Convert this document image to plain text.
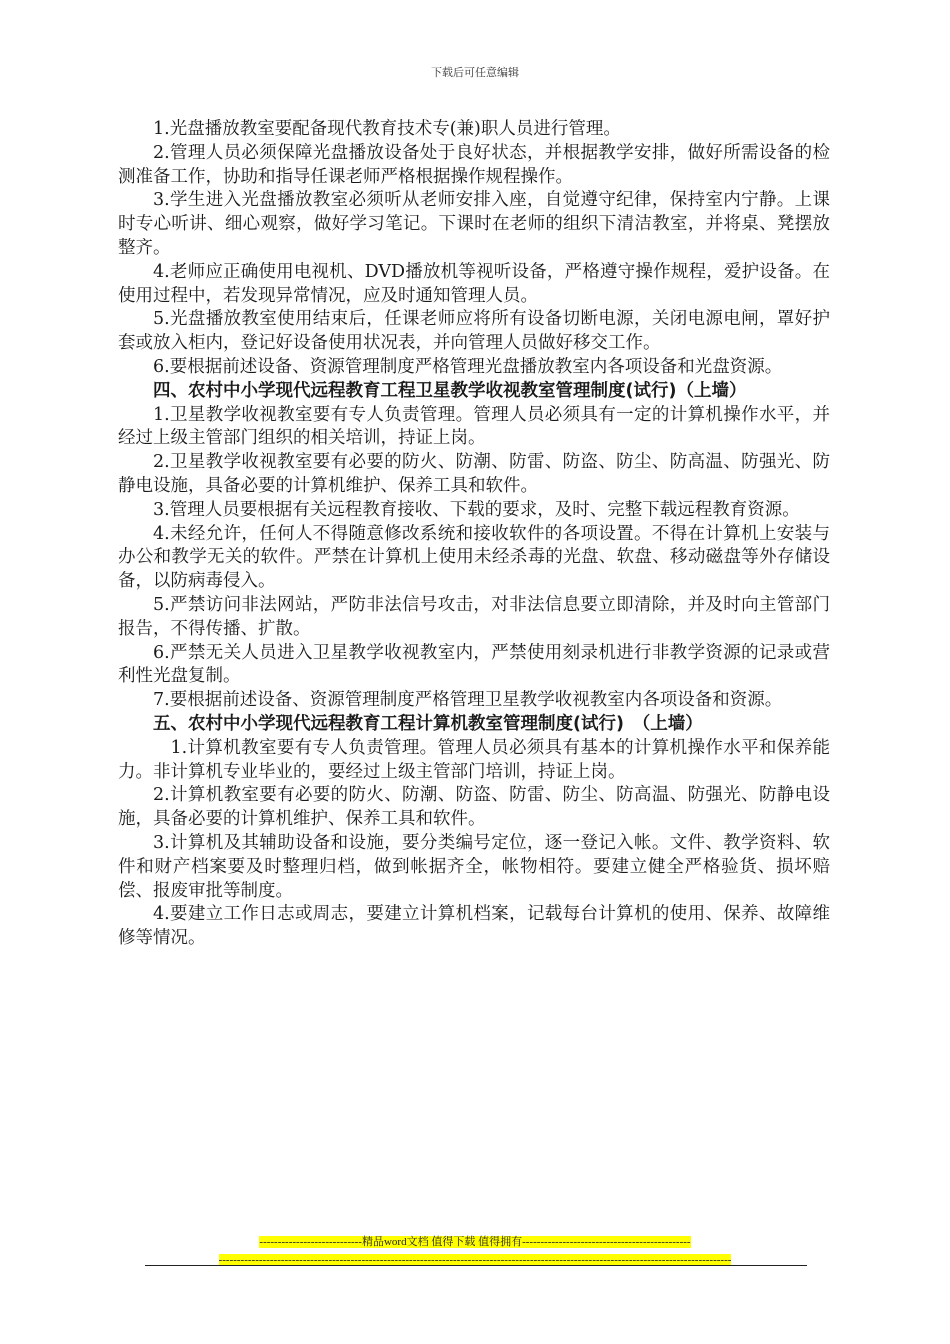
下载后可任意编辑

1.光盘播放教室要配备现代教育技术专(兼)职人员进行管理。

2.管理人员必须保障光盘播放设备处于良好状态，并根据教学安排，做好所需设备的检测准备工作，协助和指导任课老师严格根据操作规程操作。

3.学生进入光盘播放教室必须听从老师安排入座，自觉遵守纪律，保持室内宁静。上课时专心听讲、细心观察，做好学习笔记。下课时在老师的组织下清洁教室，并将桌、凳摆放整齐。

4.老师应正确使用电视机、DVD播放机等视听设备，严格遵守操作规程，爱护设备。在使用过程中，若发现异常情况，应及时通知管理人员。

5.光盘播放教室使用结束后，任课老师应将所有设备切断电源，关闭电源电闸，罩好护套或放入柜内，登记好设备使用状况表，并向管理人员做好移交工作。

6.要根据前述设备、资源管理制度严格管理光盘播放教室内各项设备和光盘资源。

四、农村中小学现代远程教育工程卫星教学收视教室管理制度(试行)（上墙）

1.卫星教学收视教室要有专人负责管理。管理人员必须具有一定的计算机操作水平，并经过上级主管部门组织的相关培训，持证上岗。

2.卫星教学收视教室要有必要的防火、防潮、防雷、防盗、防尘、防高温、防强光、防静电设施，具备必要的计算机维护、保养工具和软件。

3.管理人员要根据有关远程教育接收、下载的要求，及时、完整下载远程教育资源。

4.未经允许，任何人不得随意修改系统和接收软件的各项设置。不得在计算机上安装与办公和教学无关的软件。严禁在计算机上使用未经杀毒的光盘、软盘、移动磁盘等外存储设备，以防病毒侵入。

5.严禁访问非法网站，严防非法信号攻击，对非法信息要立即清除，并及时向主管部门报告，不得传播、扩散。

6.严禁无关人员进入卫星教学收视教室内，严禁使用刻录机进行非教学资源的记录或营利性光盘复制。

7.要根据前述设备、资源管理制度严格管理卫星教学收视教室内各项设备和资源。

五、农村中小学现代远程教育工程计算机教室管理制度(试行)　（上墙）

1.计算机教室要有专人负责管理。管理人员必须具有基本的计算机操作水平和保养能力。非计算机专业毕业的，要经过上级主管部门培训，持证上岗。

2.计算机教室要有必要的防火、防潮、防盗、防雷、防尘、防高温、防强光、防静电设施，具备必要的计算机维护、保养工具和软件。

3.计算机及其辅助设备和设施，要分类编号定位，逐一登记入帐。文件、教学资料、软件和财产档案要及时整理归档，做到帐据齐全，帐物相符。要建立健全严格验货、损坏赔偿、报废审批等制度。

4.要建立工作日志或周志，要建立计算机档案，记载每台计算机的使用、保养、故障维修等情况。

----------------------------精品word文档 值得下载 值得拥有----------------------------------------------
--------------------------------------------------------------------------------------------------------------------------------------------
